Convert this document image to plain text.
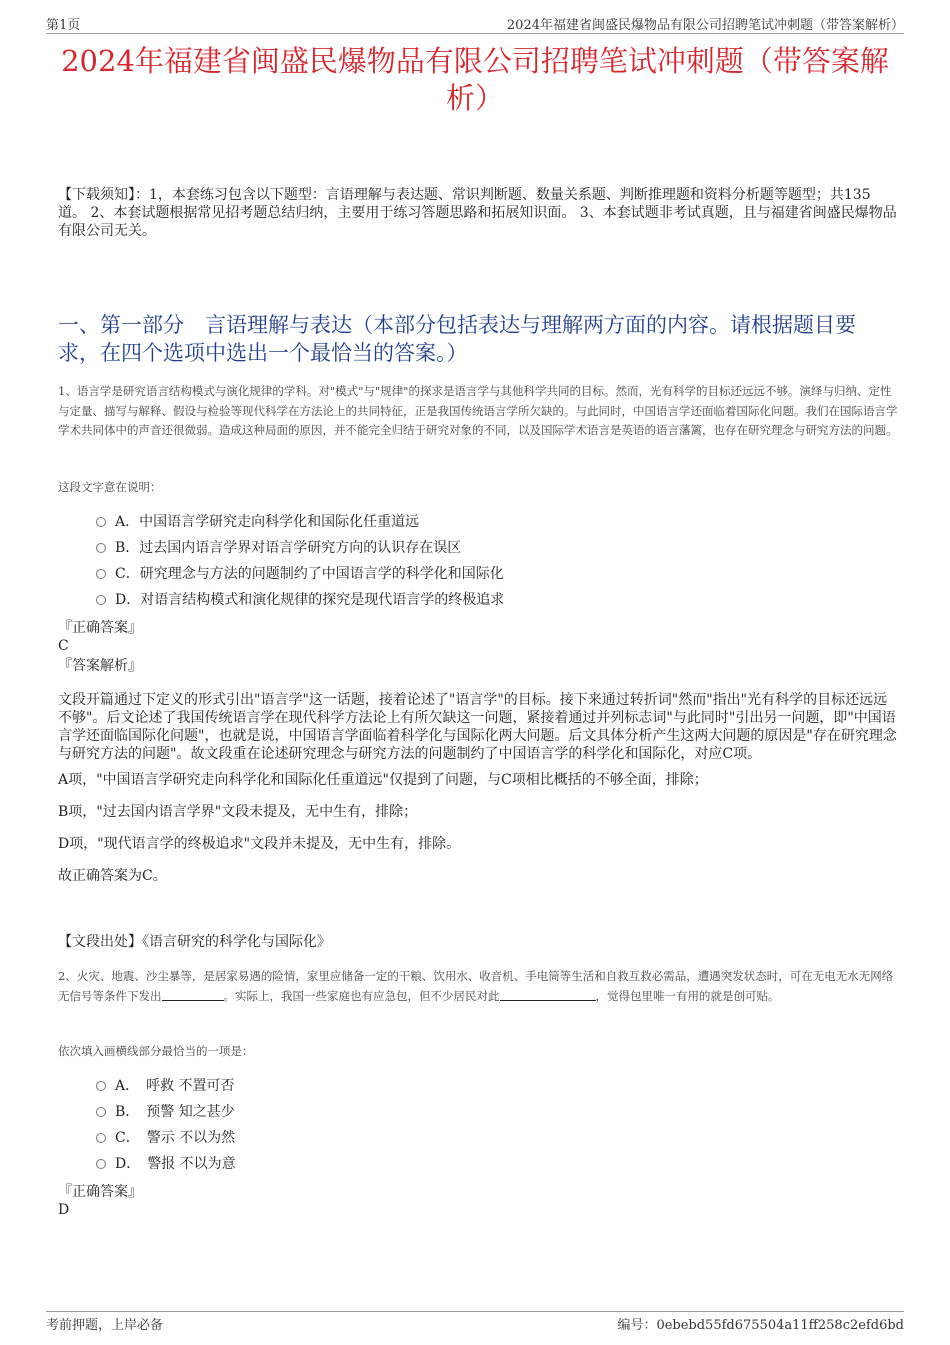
第1页	2024年福建省闽盛民爆物品有限公司招聘笔试冲刺题（带答案解析）
2024年福建省闽盛民爆物品有限公司招聘笔试冲刺题（带答案解析）
【下载须知】：1，本套练习包含以下题型：言语理解与表达题、常识判断题、数量关系题、判断推理题和资料分析题等题型；共135道。 2、本套试题根据常见招考题总结归纳，主要用于练习答题思路和拓展知识面。 3、本套试题非考试真题，且与福建省闽盛民爆物品有限公司无关。
一、第一部分　言语理解与表达（本部分包括表达与理解两方面的内容。请根据题目要求，在四个选项中选出一个最恰当的答案。）
1、语言学是研究语言结构模式与演化规律的学科。对"模式"与"规律"的探求是语言学与其他科学共同的目标。然而，光有科学的目标还远远不够。演绎与归纳、定性与定量、描写与解释、假设与检验等现代科学在方法论上的共同特征，正是我国传统语言学所欠缺的。与此同时，中国语言学还面临着国际化问题。我们在国际语言学学术共同体中的声音还很微弱。造成这种局面的原因，并不能完全归结于研究对象的不同，以及国际学术语言是英语的语言藩篱，也存在研究理念与研究方法的问题。
这段文字意在说明：
A．中国语言学研究走向科学化和国际化任重道远
B．过去国内语言学界对语言学研究方向的认识存在误区
C．研究理念与方法的问题制约了中国语言学的科学化和国际化
D．对语言结构模式和演化规律的探究是现代语言学的终极追求
『正确答案』
C
『答案解析』
文段开篇通过下定义的形式引出"语言学"这一话题，接着论述了"语言学"的目标。接下来通过转折词"然而"指出"光有科学的目标还远远不够"。后文论述了我国传统语言学在现代科学方法论上有所欠缺这一问题，紧接着通过并列标志词"与此同时"引出另一问题，即"中国语言学还面临国际化问题"，也就是说，中国语言学面临着科学化与国际化两大问题。后文具体分析产生这两大问题的原因是"存在研究理念与研究方法的问题"。故文段重在论述研究理念与研究方法的问题制约了中国语言学的科学化和国际化，对应C项。
A项，"中国语言学研究走向科学化和国际化任重道远"仅提到了问题，与C项相比概括的不够全面，排除；
B项，"过去国内语言学界"文段未提及，无中生有，排除；
D项，"现代语言学的终极追求"文段并未提及，无中生有，排除。
故正确答案为C。
【文段出处】《语言研究的科学化与国际化》
2、火灾、地震、沙尘暴等，是居家易遇的险情，家里应储备一定的干粮、饮用水、收音机、手电筒等生活和自救互救必需品，遭遇突发状态时，可在无电无水无网络无信号等条件下发出	。实际上，我国一些家庭也有应急包，但不少居民对此	，觉得包里唯一有用的就是创可贴。
依次填入画横线部分最恰当的一项是：
A．　呼救 不置可否
B．　预警 知之甚少
C．　警示 不以为然
D．　警报 不以为意
『正确答案』
D
考前押题，上岸必备	编号：0ebebd55fd675504a11ff258c2efd6bd
